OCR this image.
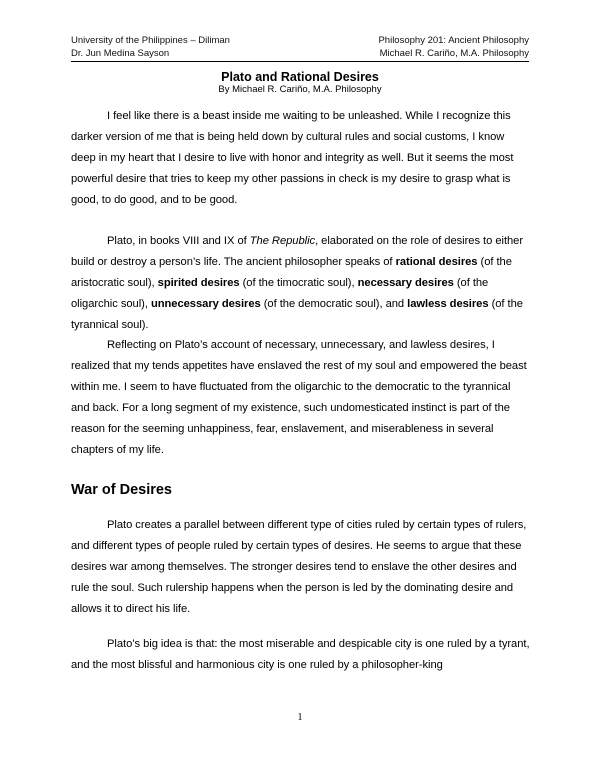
University of the Philippines – Diliman
Dr. Jun Medina Sayson
Philosophy 201: Ancient Philosophy
Michael R. Cariño, M.A. Philosophy
Plato and Rational Desires
By Michael R. Cariño, M.A. Philosophy

I feel like there is a beast inside me waiting to be unleashed. While I recognize this darker version of me that is being held down by cultural rules and social customs, I know deep in my heart that I desire to live with honor and integrity as well. But it seems the most powerful desire that tries to keep my other passions in check is my desire to grasp what is good, to do good, and to be good.

Plato, in books VIII and IX of The Republic, elaborated on the role of desires to either build or destroy a person’s life. The ancient philosopher speaks of rational desires (of the aristocratic soul), spirited desires (of the timocratic soul), necessary desires (of the oligarchic soul), unnecessary desires (of the democratic soul), and lawless desires (of the tyrannical soul).

Reflecting on Plato’s account of necessary, unnecessary, and lawless desires, I realized that my tends appetites have enslaved the rest of my soul and empowered the beast within me. I seem to have fluctuated from the oligarchic to the democratic to the tyrannical and back. For a long segment of my existence, such undomesticated instinct is part of the reason for the seeming unhappiness, fear, enslavement, and miserableness in several chapters of my life.

War of Desires

Plato creates a parallel between different type of cities ruled by certain types of rulers, and different types of people ruled by certain types of desires. He seems to argue that these desires war among themselves. The stronger desires tend to enslave the other desires and rule the soul. Such rulership happens when the person is led by the dominating desire and allows it to direct his life.

Plato’s big idea is that: the most miserable and despicable city is one ruled by a tyrant, and the most blissful and harmonious city is one ruled by a philosopher-king

1
